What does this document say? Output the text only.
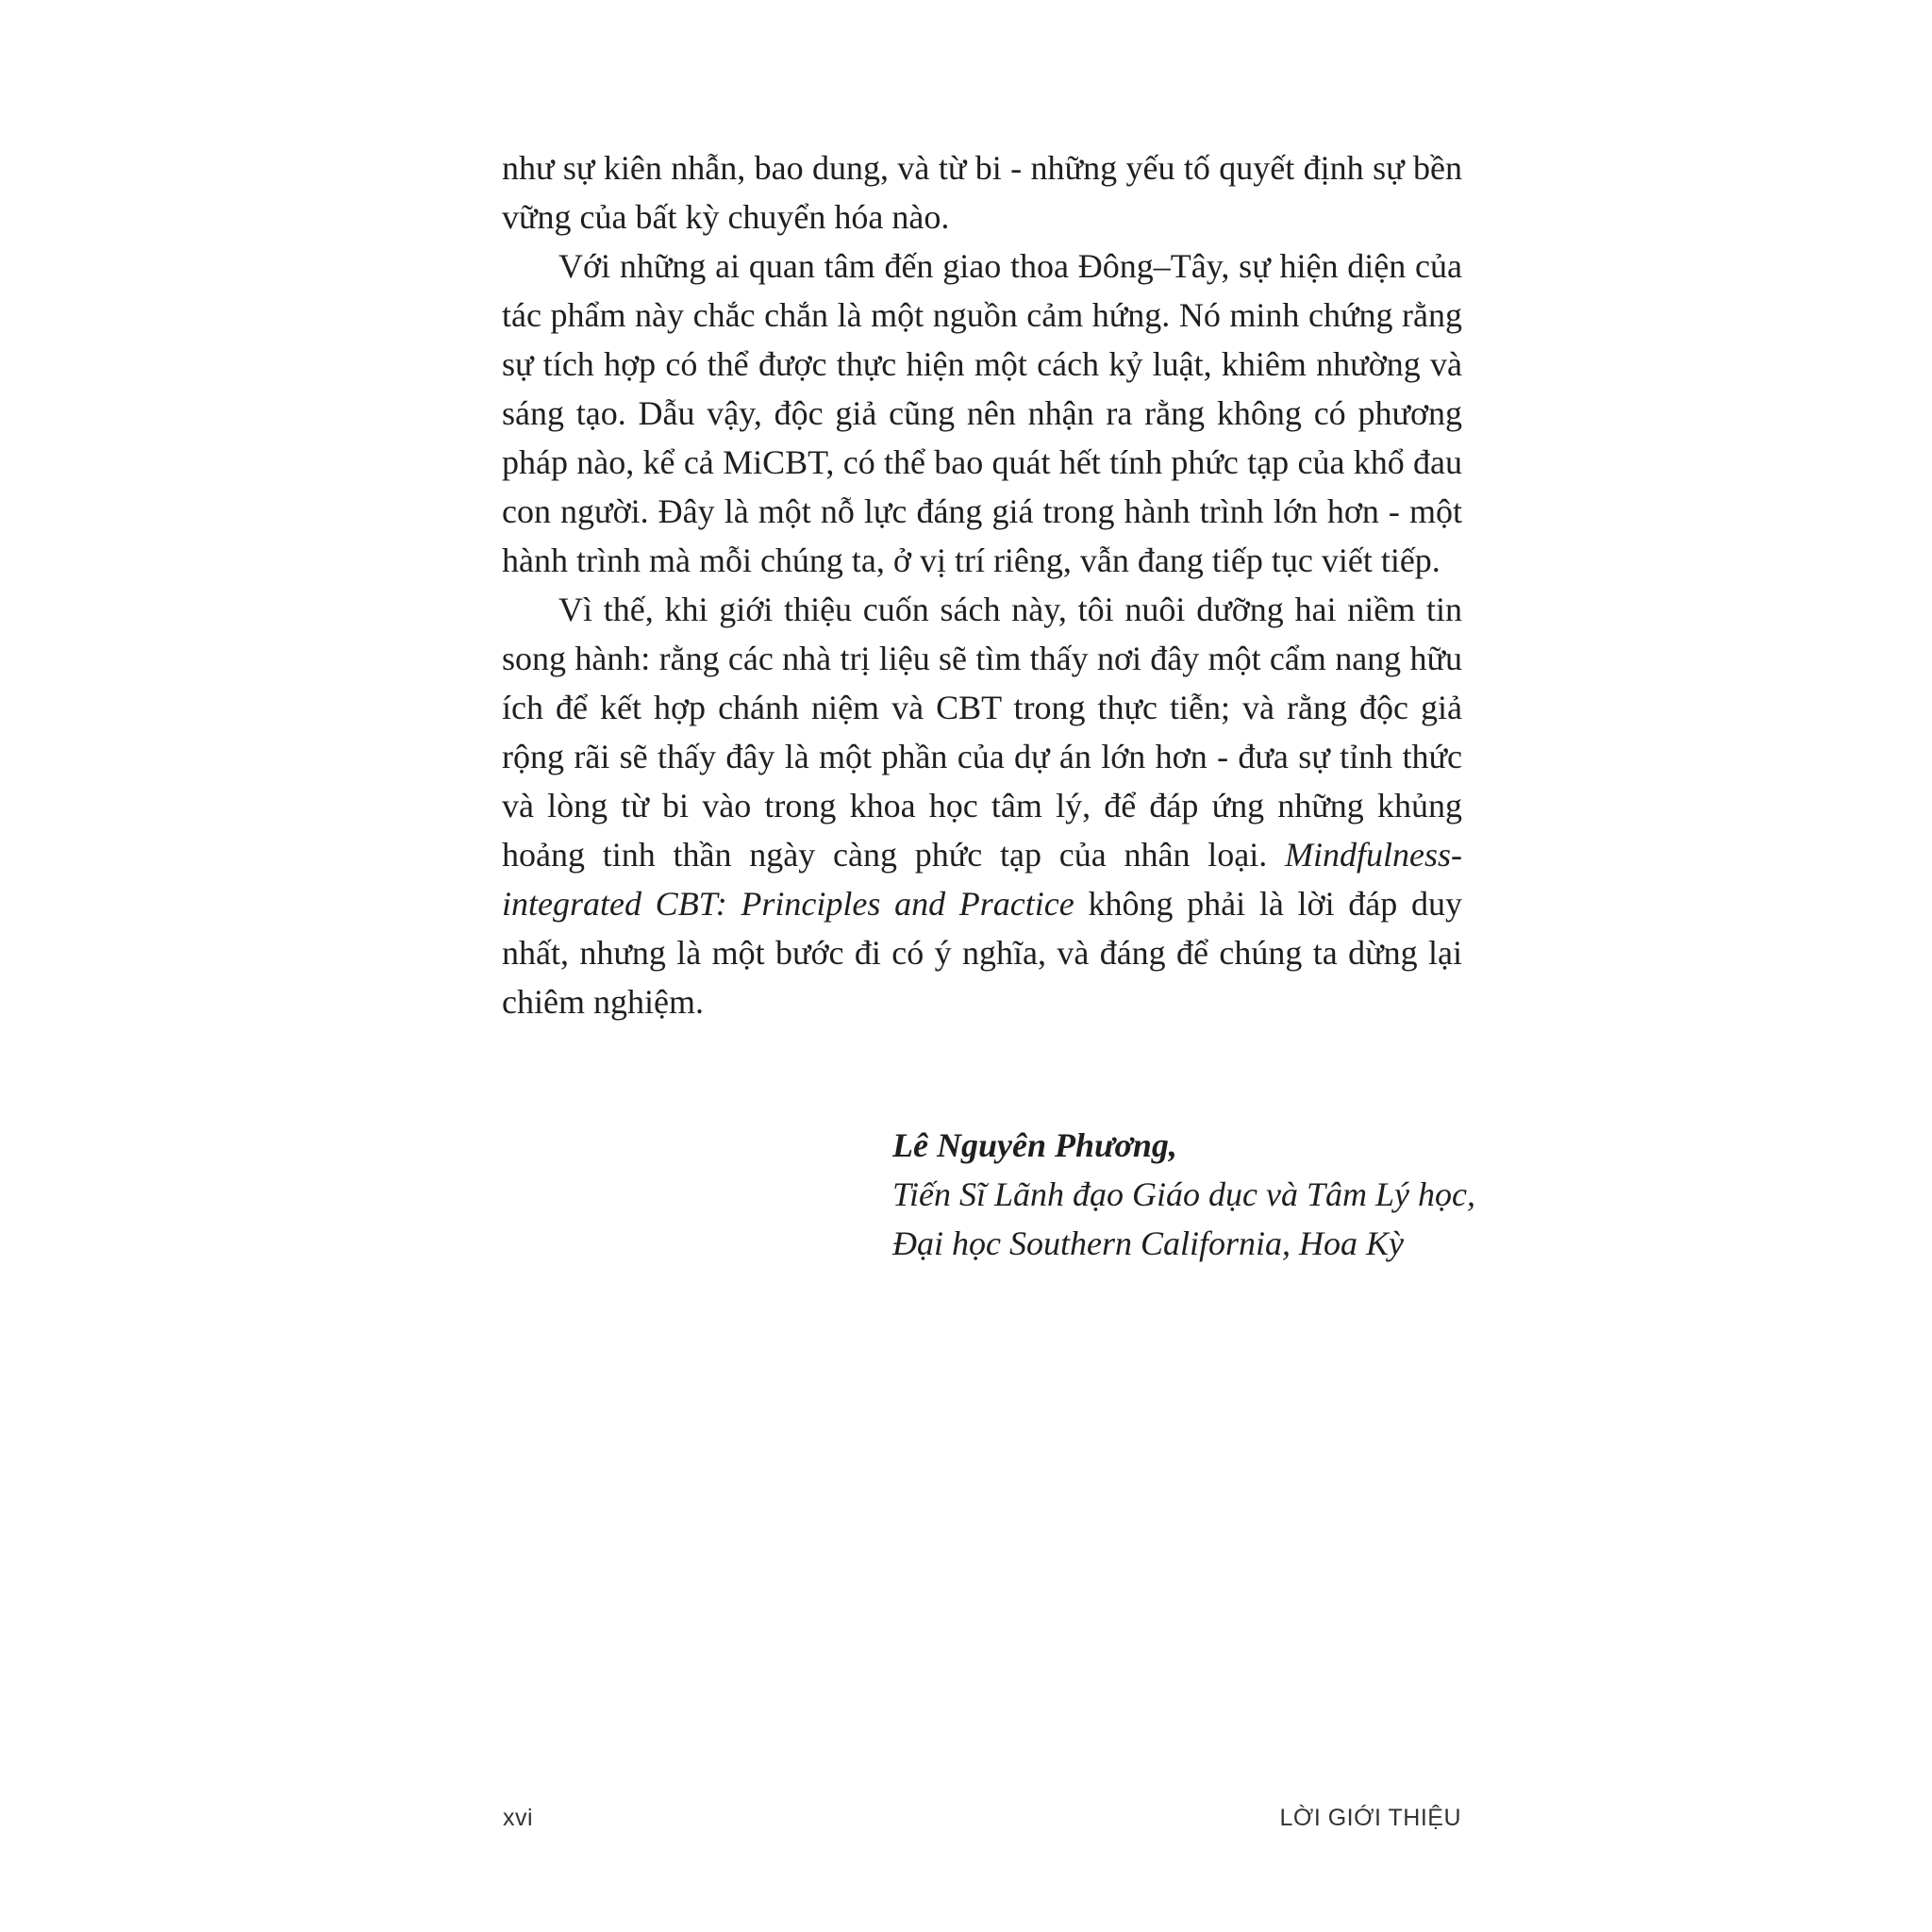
như sự kiên nhẫn, bao dung, và từ bi - những yếu tố quyết định sự bền vững của bất kỳ chuyển hóa nào.

Với những ai quan tâm đến giao thoa Đông–Tây, sự hiện diện của tác phẩm này chắc chắn là một nguồn cảm hứng. Nó minh chứng rằng sự tích hợp có thể được thực hiện một cách kỷ luật, khiêm nhường và sáng tạo. Dẫu vậy, độc giả cũng nên nhận ra rằng không có phương pháp nào, kể cả MiCBT, có thể bao quát hết tính phức tạp của khổ đau con người. Đây là một nỗ lực đáng giá trong hành trình lớn hơn - một hành trình mà mỗi chúng ta, ở vị trí riêng, vẫn đang tiếp tục viết tiếp.

Vì thế, khi giới thiệu cuốn sách này, tôi nuôi dưỡng hai niềm tin song hành: rằng các nhà trị liệu sẽ tìm thấy nơi đây một cẩm nang hữu ích để kết hợp chánh niệm và CBT trong thực tiễn; và rằng độc giả rộng rãi sẽ thấy đây là một phần của dự án lớn hơn - đưa sự tỉnh thức và lòng từ bi vào trong khoa học tâm lý, để đáp ứng những khủng hoảng tinh thần ngày càng phức tạp của nhân loại. Mindfulness-integrated CBT: Principles and Practice không phải là lời đáp duy nhất, nhưng là một bước đi có ý nghĩa, và đáng để chúng ta dừng lại chiêm nghiệm.

Lê Nguyên Phương,
Tiến Sĩ Lãnh đạo Giáo dục và Tâm Lý học,
Đại học Southern California, Hoa Kỳ
xvi	LỜI GIỚI THIỆU
